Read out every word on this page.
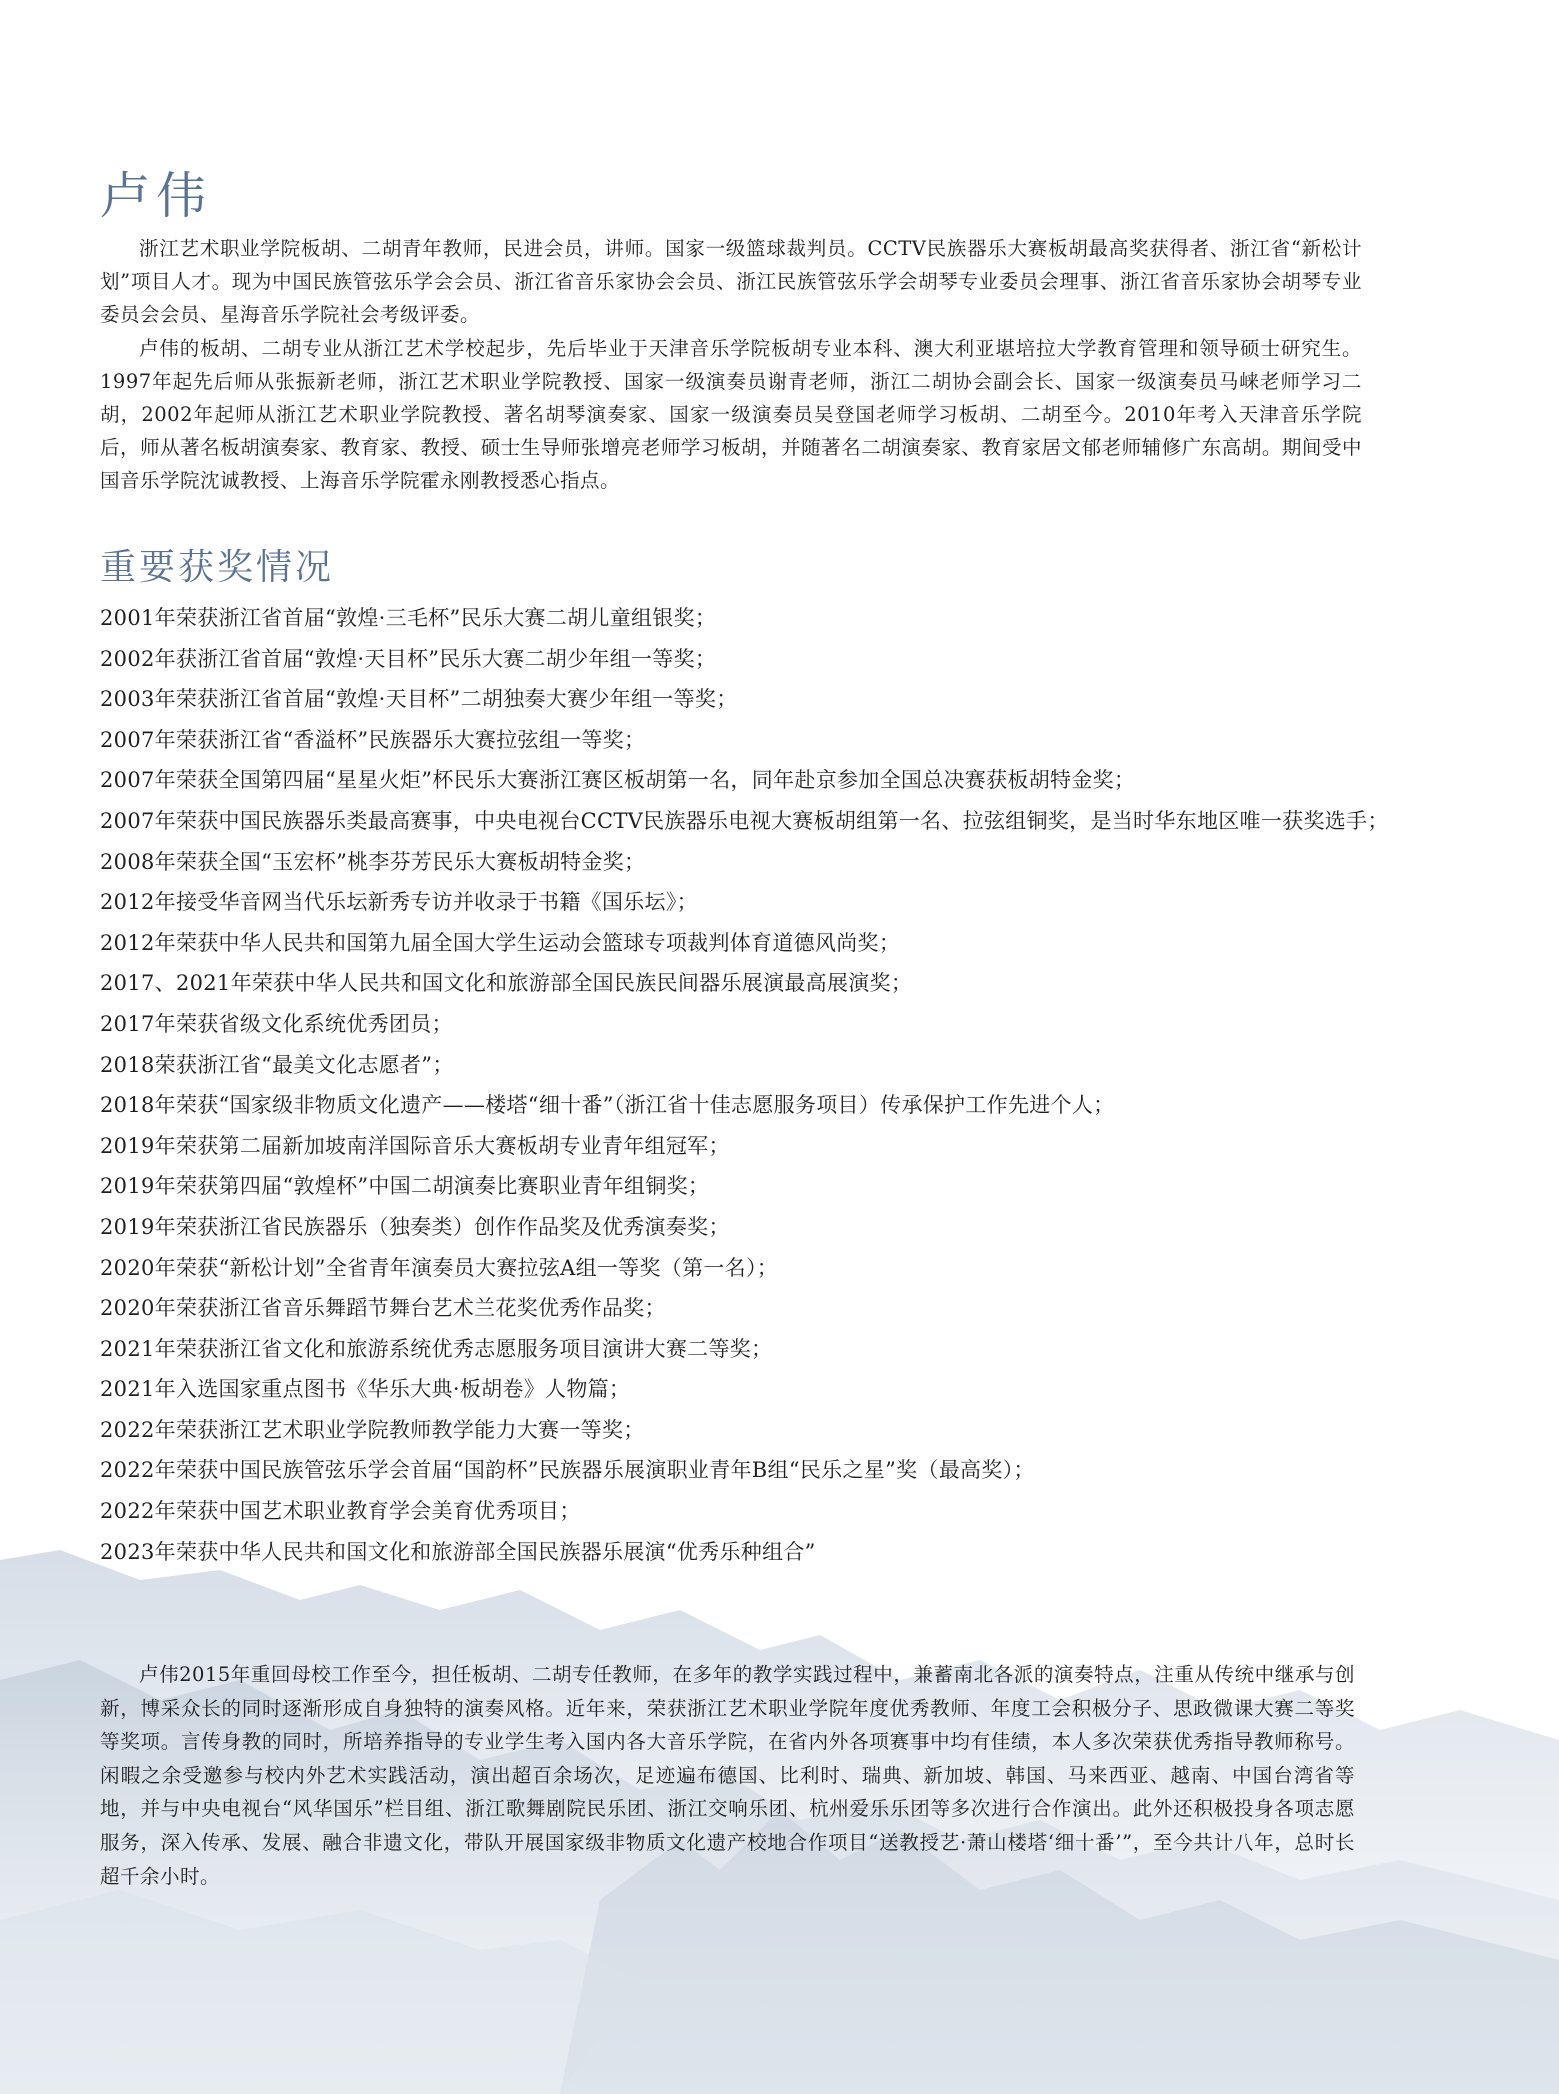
卢伟

浙江艺术职业学院板胡、二胡青年教师，民进会员，讲师。国家一级篮球裁判员。CCTV民族器乐大赛板胡最高奖获得者、浙江省“新松计划”项目人才。现为中国民族管弦乐学会会员、浙江省音乐家协会会员、浙江民族管弦乐学会胡琴专业委员会理事、浙江省音乐家协会胡琴专业委员会会员、星海音乐学院社会考级评委。

卢伟的板胡、二胡专业从浙江艺术学校起步，先后毕业于天津音乐学院板胡专业本科、澳大利亚堪培拉大学教育管理和领导硕士研究生。1997年起先后师从张振新老师，浙江艺术职业学院教授、国家一级演奏员谢青老师，浙江二胡协会副会长、国家一级演奏员马崃老师学习二胡，2002年起师从浙江艺术职业学院教授、著名胡琴演奏家、国家一级演奏员吴登国老师学习板胡、二胡至今。2010年考入天津音乐学院后，师从著名板胡演奏家、教育家、教授、硕士生导师张增亮老师学习板胡，并随著名二胡演奏家、教育家居文郁老师辅修广东高胡。期间受中国音乐学院沈诚教授、上海音乐学院霍永刚教授悉心指点。

重要获奖情况
2001年荣获浙江省首届“敦煌·三毛杯”民乐大赛二胡儿童组银奖；
2002年获浙江省首届“敦煌·天目杯”民乐大赛二胡少年组一等奖；
2003年荣获浙江省首届“敦煌·天目杯”二胡独奏大赛少年组一等奖；
2007年荣获浙江省“香溢杯”民族器乐大赛拉弦组一等奖；
2007年荣获全国第四届“星星火炬”杯民乐大赛浙江赛区板胡第一名，同年赴京参加全国总决赛获板胡特金奖；
2007年荣获中国民族器乐类最高赛事，中央电视台CCTV民族器乐电视大赛板胡组第一名、拉弦组铜奖，是当时华东地区唯一获奖选手；
2008年荣获全国“玉宏杯”桃李芬芳民乐大赛板胡特金奖；
2012年接受华音网当代乐坛新秀专访并收录于书籍《国乐坛》；
2012年荣获中华人民共和国第九届全国大学生运动会篮球专项裁判体育道德风尚奖；
2017、2021年荣获中华人民共和国文化和旅游部全国民族民间器乐展演最高展演奖；
2017年荣获省级文化系统优秀团员；
2018荣获浙江省“最美文化志愿者”；
2018年荣获“国家级非物质文化遗产——楼塔“细十番”（浙江省十佳志愿服务项目）传承保护工作先进个人；
2019年荣获第二届新加坡南洋国际音乐大赛板胡专业青年组冠军；
2019年荣获第四届“敦煌杯”中国二胡演奏比赛职业青年组铜奖；
2019年荣获浙江省民族器乐（独奏类）创作作品奖及优秀演奏奖；
2020年荣获“新松计划”全省青年演奏员大赛拉弦A组一等奖（第一名）；
2020年荣获浙江省音乐舞蹈节舞台艺术兰花奖优秀作品奖；
2021年荣获浙江省文化和旅游系统优秀志愿服务项目演讲大赛二等奖；
2021年入选国家重点图书《华乐大典·板胡卷》人物篇；
2022年荣获浙江艺术职业学院教师教学能力大赛一等奖；
2022年荣获中国民族管弦乐学会首届“国韵杯”民族器乐展演职业青年B组“民乐之星”奖（最高奖）；
2022年荣获中国艺术职业教育学会美育优秀项目；
2023年荣获中华人民共和国文化和旅游部全国民族器乐展演“优秀乐种组合”

卢伟2015年重回母校工作至今，担任板胡、二胡专任教师，在多年的教学实践过程中，兼蓄南北各派的演奏特点，注重从传统中继承与创新，博采众长的同时逐渐形成自身独特的演奏风格。近年来，荣获浙江艺术职业学院年度优秀教师、年度工会积极分子、思政微课大赛二等奖等奖项。言传身教的同时，所培养指导的专业学生考入国内各大音乐学院，在省内外各项赛事中均有佳绩，本人多次荣获优秀指导教师称号。闲暇之余受邀参与校内外艺术实践活动，演出超百余场次，足迹遍布德国、比利时、瑞典、新加坡、韩国、马来西亚、越南、中国台湾省等地，并与中央电视台“风华国乐”栏目组、浙江歌舞剧院民乐团、浙江交响乐团、杭州爱乐乐团等多次进行合作演出。此外还积极投身各项志愿服务，深入传承、发展、融合非遗文化，带队开展国家级非物质文化遗产校地合作项目“送教授艺·萧山楼塔‘细十番’”，至今共计八年，总时长超千余小时。
